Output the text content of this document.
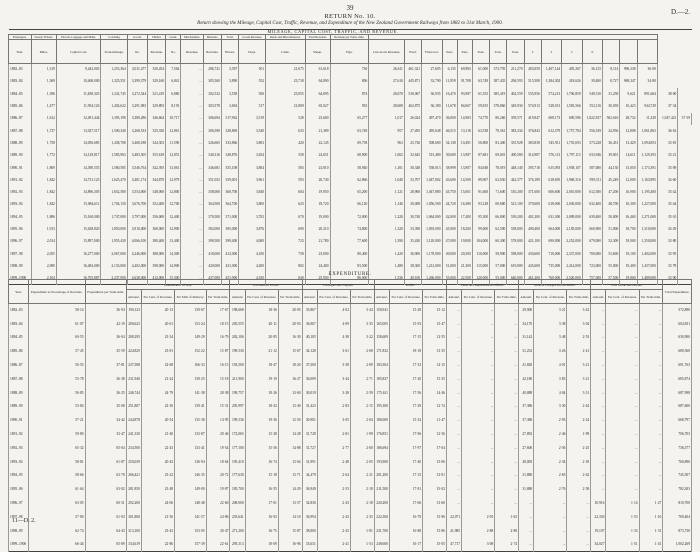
39	D.—2.
RETURN No. 10.
Return showing the Mileage, Capital Cost, Traffic, Revenue, and Expenditure of the New Zealand Government Railways from 1882 to 31st March, 1900.
MILEAGE, CAPITAL COST, TRAFFIC, AND REVENUE.																														
Passengers.	Season Tickets.	Parcels, Luggage, and Mails.	Coaching	Goods.	Timber.	Grain.	Merchandise.	Minerals.	Total.	Goods Revenue.	Rents and Miscellaneous.	Total Revenue.	Revenue per Train- mile.																	
Year.	Miles.	Capital Cost.	Train-mileage.	No.	Revenue.	No.	Revenue.	Revenue.	Horses.	Dogs.	Cattle.	Sheep.	Pigs.	Live-stock Revenue.	Wool.	Firewood.	Tons.	Tons.	Tons.	Tons.	Tons.	£	£	£	d.					
1882–83	1,319	9,443,003	1,253,364	3,011,477	330,454	7,564	...	286,741	3,397	501	21,675	61,618	730	26,611	461,321	27,605	6,135	69,983	61,000	373,795	211,270	403,059	1,407,144	405,267	36,125	8,114	996,338	36·00		
1883–84	1,369	10,468,000	1,325,551	3,399,379	329,160	6,841	...	305,560	3,890	552	23,718	64,890	806	27,610	445,871	33,790	11,959	91,708	63,749	387,435	206,593	515,508	1,384,302	418,626	39,400	8,727	969,347	34·80		
1884–85	1,396	11,658,345	1,341,745	3,272,544	321,419	6,880	...	302,532	3,558	500	25,055	64,895	874	28,670	530,067	36,935	16,470	93,987	61,555	385,419	402,559	535,956	574,213	1,706,859	549,510	31,258	9,621	891,664	38·00	
1885–86	1,477	11,954,126	1,402,622	3,291,983	329,893	8,193	...	303,578	3,694	517	21,809	65,027	935	28,608	462,875	36,180	11,678	84,667	59,815	378,860	349,930	574,913	528,013	1,583,566	552,116	30,039	10,423	944,729	37·34	
1886–87	1,612	12,491,444	1,393,190	3,380,286	346,664	10,717	...	306,694	317,962	3,519	528	23,669	65,277	1,017	26,024	497,470	36,000	14,983	74,770	80,260	359,571	419,947	608,173	690,596	1,822,937	502,616	28,732	11,329	1,047,421	37·59
1887–88	1,737	13,027,517	1,500,340	3,268,533	335,330	12,861	...	306,590	328,869	3,540	633	21,389	63,749	957	27,495	495,648	46,515	13,118	63,538	79,361	383,334	376,843	612,379	1,757,784	556,539	24,956	12,808	1,061,863	36·63	
1888–89	1,758	14,056,685	1,438,708	3,468,188	344,303	11,590	...	326,665	333,866	3,803	420	22,145	69,758	963	25,736	508,600	34,138	10,491	56,800	83,400	335,928	383,838	545,911	1,735,693	573,228	36,451	13,429	1,094,853	33·81	
1889–90	1,772	14,129,817	1,585,963	3,483,505	355,618	12,851	...	340,316	348,876	3,654	558	24,651	68,900	1,002	32,645	515,480	39,600	13,987	87,681	69,001	400,580	314,987	576,113	1,797,113	633,946	39,001	14,611	1,129,393	33·21	
1890–91	1,809	14,390,555	1,580,585	3,546,764	342,395	13,061	...	346,681	355,108	3,804	583	23,810	58,940	1,101	30,348	558,013	38,999	13,907	84,948	78,019	448,140	395,718	615,093	1,938,107	587,000	44,130	15,050	1,173,391	35·09	
1891–92	1,842	14,731,125	1,625,470	3,481,174	344,870	12,979	...	351,052	359,001	3,961	593	20,740	62,866	1,040	33,707	1,047,002	43,600	14,500	89,907	63,030	442,377	376,189	618,695	1,968,316	599,311	45,249	12,000	1,163,895	34·60	
1892–93	1,842	14,896,305	1,652,580	3,554,000	348,000	12,800	...	358,000	360,700	3,840	604	19,950	65,200	1,121	28,900	1,047,880	45,750	15,001	91,600	71,600	510,200	371,600	606,600	2,010,000	612,500	47,200	16,900	1,195,400	35·42	
1893–94	1,842	15,084,611	1,704,150	3,676,700	352,400	12,700	...	364,500	364,700	3,800	623	18,720	66,120	1,146	30,008	1,056,500	44,720	16,380	93,128	69,680	521,100	379,600	618,000	2,030,000	632,400	48,700	16,300	1,227,000	35·44	
1894–95	1,886	15,160,000	1,747,000	3,797,000	356,000	12,400	...	370,500	371,000	3,702	670	19,000	72,000	1,220	30,740	1,064,000	42,000	17,400	95,300	66,800	539,200	401,200	631,300	2,089,000	639,400	50,000	16,460	1,271,000	35·10	
1895–96	1,913	15,638,820	1,850,000	3,910,000	368,000	12,900	...	382,000	385,000	3,876	690	20,310	74,800	1,320	33,390	1,093,000	45,000	18,200	99,000	62,500	558,000	409,400	664,000	2,185,000	660,900	51,000	18,700	1,310,000	34·29	
1896–97	2,014	15,897,000	1,955,430	4,066,100	380,400	13,400	...	398,500	399,400	4,000	723	21,780	77,600	1,390	35,430	1,120,000	47,000	19,000	104,000	60,300	578,000	421,100	690,000	2,252,000	679,000	52,300	18,900	1,350,000	33·80	
1897–98	2,055	16,277,000	2,067,000	4,246,000	388,000	14,300	...	410,000	412,000	4,100	758	23,000	80,400	1,420	36,900	1,178,000	49,000	20,300	110,000	58,900	598,000	430,600	710,000	2,337,000	700,000	53,600	19,100	1,402,000	33·95	
1898–99	2,090	16,484,000	2,133,000	4,402,000	398,000	14,900	...	420,000	431,000	4,200	802	24,400	83,500	1,480	38,300	1,212,000	51,000	21,300	115,000	57,000	619,000	445,600	735,000	2,414,000	723,000	55,000	19,400	1,437,000	33·78	
1899–1900	2,104	16,705,887	2,237,000	4,638,000	412,000	15,300	...	437,000	451,000	4,350	840	25,900	86,000	1,536	40,100	1,266,000	53,000	22,500	120,000	55,000	640,000	461,200	760,000	2,520,000	757,000	57,500	19,800	1,489,000	33·00	
EXPENDITURE.
Year.	Expenditure as Percentage of Revenue.	Expenditure per Train-mile.	Maintenance of Way.				Locomotive Power.			Carriages and Wagons.			Traffic.			Head and Departmental Offices.			General Charges and Incidents.			Law Grade Recoveries.			Total Expenditure.
			Amount.	Per Cent. of Revenue.	Per Mile of Railway.	Per Train-mile.	Amount.	Per Cent. of Revenue.	Per Train-mile.	Amount.	Per Cent. of Revenue.	Per Train-mile.	Amount.	Per Cent. of Revenue.	Per Train-mile.	Amount.	Per Cent. of Revenue.	Per Train-mile.	Amount.	Per Cent. of Revenue.	Per Train-mile.	Amount.	Per Cent. of Revenue.	Per Train-mile.	
1882–83	58·14	36·94	190,123	20·13	139·67	17·67	198,668	18·36	20·05	33,867	4·02	3·44	150,941	15·28	15·12	...	...	...	29,900	3·21	3·42	...	...	...	572,898
1883–84	61·07	42·19	200,623	20·61	153·24	18·15	205,555	20·11	20·93	36,967	4·09	3·35	165,005	15·93	15·47	...	...	...	34,170	3·38	3·04	...	...	...	604,831
1884–85	60·55	36·04	208,295	23·34	149·29	16·79	202,106	20·85	16·30	40,105	4·38	3·22	158,609	17·15	12·55	...	...	...	31,142	3·48	2·53	...	...	...	630,900
1885–86	57·45	35·59	224,829	23·81	152·22	15·87	199,530	21·12	15·67	34,128	3·61	2·68	171,832	18·18	13·35	...	...	...	31,232	3·26	2·41	...	...	...	680,560
1886–87	56·55	37·81	237,588	22·68	166·33	16·15	193,500	18·47	18·20	37,500	3·58	2·89	183,304	17·33	14·15	...	...	...	41,820	4·01	3·21	...	...	...	691,763
1887–88	55·78	36·38	231,940	21·24	158·25	15·18	211,900	19·19	16·27	36,009	3·44	2·71	185,837	17·20	15·35	...	...	...	42,180	3·83	3·21	...	...	...	685,874
1888–89	56·85	36·25	246,744	24·79	141·38	28·38	199,757	18·26	13·60	30,019	3·28	2·59	175,611	17·56	14·46	...	...	...	40,888	4·04	3·31	...	...	...	687,998
1889–90	53·84	35·08	251,807	22·30	139·41	15·31	205,997	18·43	13·40	31,423	2·83	2·15	195,300	17·29	12·74	...	...	...	37,386	3·30	2·44	...	...	...	687,600
1890–91	57·21	34·42	244,878	20·54	135·38	14·95	199,536	19·36	12·50	30,901	3·05	2·04	180,000	15·32	11·47	...	...	...	37,386	2·93	2·24	...	...	...	668,797
1891–92	59·80	33·47	241,330	21·40	133·87	20·46	172,065	15·28	14·28	31,728	2·81	1·99	176,851	17·96	12·56	...	...	...	27,892	2·46	1·99	...	...	...	706,703
1892–93	65·32	65·04	234,500	22·43	133·41	19·54	177,100	15·56	14·88	31,727	2·77	2·00	186,694	17·97	17·04	...	...	...	27,600	2·56	2·25	...	...	...	736,577
1893–94	58·81	61·87	250,039	20·43	136·94	18·64	195,410	16·74	13·64	31,991	2·48	2·05	193,900	17·40	15·06	...	...	...	28,005	2·34	2·18	...	...	...	760,896
1894–95	58·66	63·70	266,421	23·22	146·35	20·72	177,630	15·18	13·71	34,479	2·64	2·21	201,200	17·15	13·01	...	...	...	31,880	2·65	2·62	...	...	...	745,507
1895–96	61·64	63·02	281,850	23·48	149·00	19·87	185,700	16·55	14·29	36,949	2·53	2·18	211,500	17·81	15·02	...	...	...	31,880	2·76	2·58	...	...	...	782,303
1896–97	63·05	60·51	292,200	24·06	148·48	22·60	208,000	17·01	13·57	32,830	2·43	2·18	220,200	17·66	13·60	...	...	...	...	...	...	10,916	1·14	1·27	810,700
1897–98	57·80	61·03	301,800	21·56	141·57	24·86	235,641	16·93	14·10	36,994	2·43	2·35	222,300	16·79	15·96	22,071	2·05	1·63	...	...	...	22,330	1·53	1·16	769,404
1898–99	62·74	64·43	313,100	23·43	153·05	30·47	271,200	16·75	15·87	38,000	2·43	1·81	231,700	16·88	15·86	41,985	2·88	2·88	...	...	...	19,107	1·33	1·31	873,730
1899–1900	66·44	65·89	334,619	22·86	157·39	22·61	295,313	18·09	16·96	33,631	2·41	1·53	249,600	16·17	15·05	47,717	3·08	2·74	...	...	...	34,027	1·51	1·41	1,002,269
11—D. 2.
